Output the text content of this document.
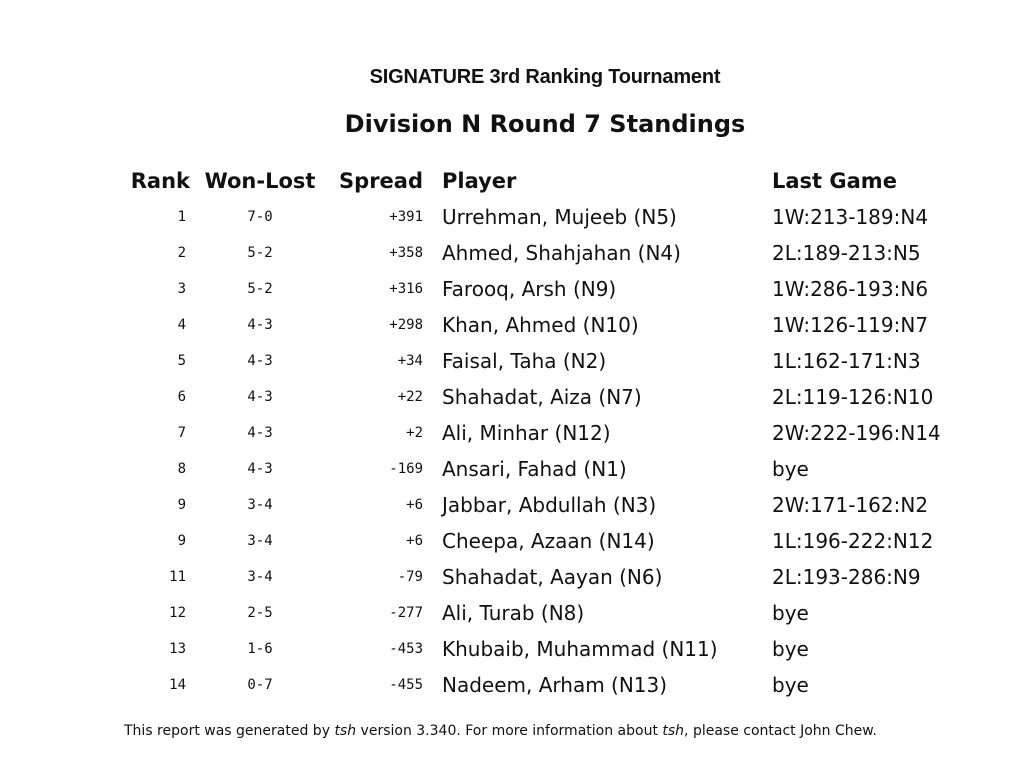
SIGNATURE 3rd Ranking Tournament
Division N Round 7 Standings
Rank	Won-Lost	Spread	Player	Last Game
1	7-0	+391	Urrehman, Mujeeb (N5)	1W:213-189:N4
2	5-2	+358	Ahmed, Shahjahan (N4)	2L:189-213:N5
3	5-2	+316	Farooq, Arsh (N9)	1W:286-193:N6
4	4-3	+298	Khan, Ahmed (N10)	1W:126-119:N7
5	4-3	+34	Faisal, Taha (N2)	1L:162-171:N3
6	4-3	+22	Shahadat, Aiza (N7)	2L:119-126:N10
7	4-3	+2	Ali, Minhar (N12)	2W:222-196:N14
8	4-3	-169	Ansari, Fahad (N1)	bye
9	3-4	+6	Jabbar, Abdullah (N3)	2W:171-162:N2
9	3-4	+6	Cheepa, Azaan (N14)	1L:196-222:N12
11	3-4	-79	Shahadat, Aayan (N6)	2L:193-286:N9
12	2-5	-277	Ali, Turab (N8)	bye
13	1-6	-453	Khubaib, Muhammad (N11)	bye
14	0-7	-455	Nadeem, Arham (N13)	bye
This report was generated by tsh version 3.340. For more information about tsh, please contact John Chew.
